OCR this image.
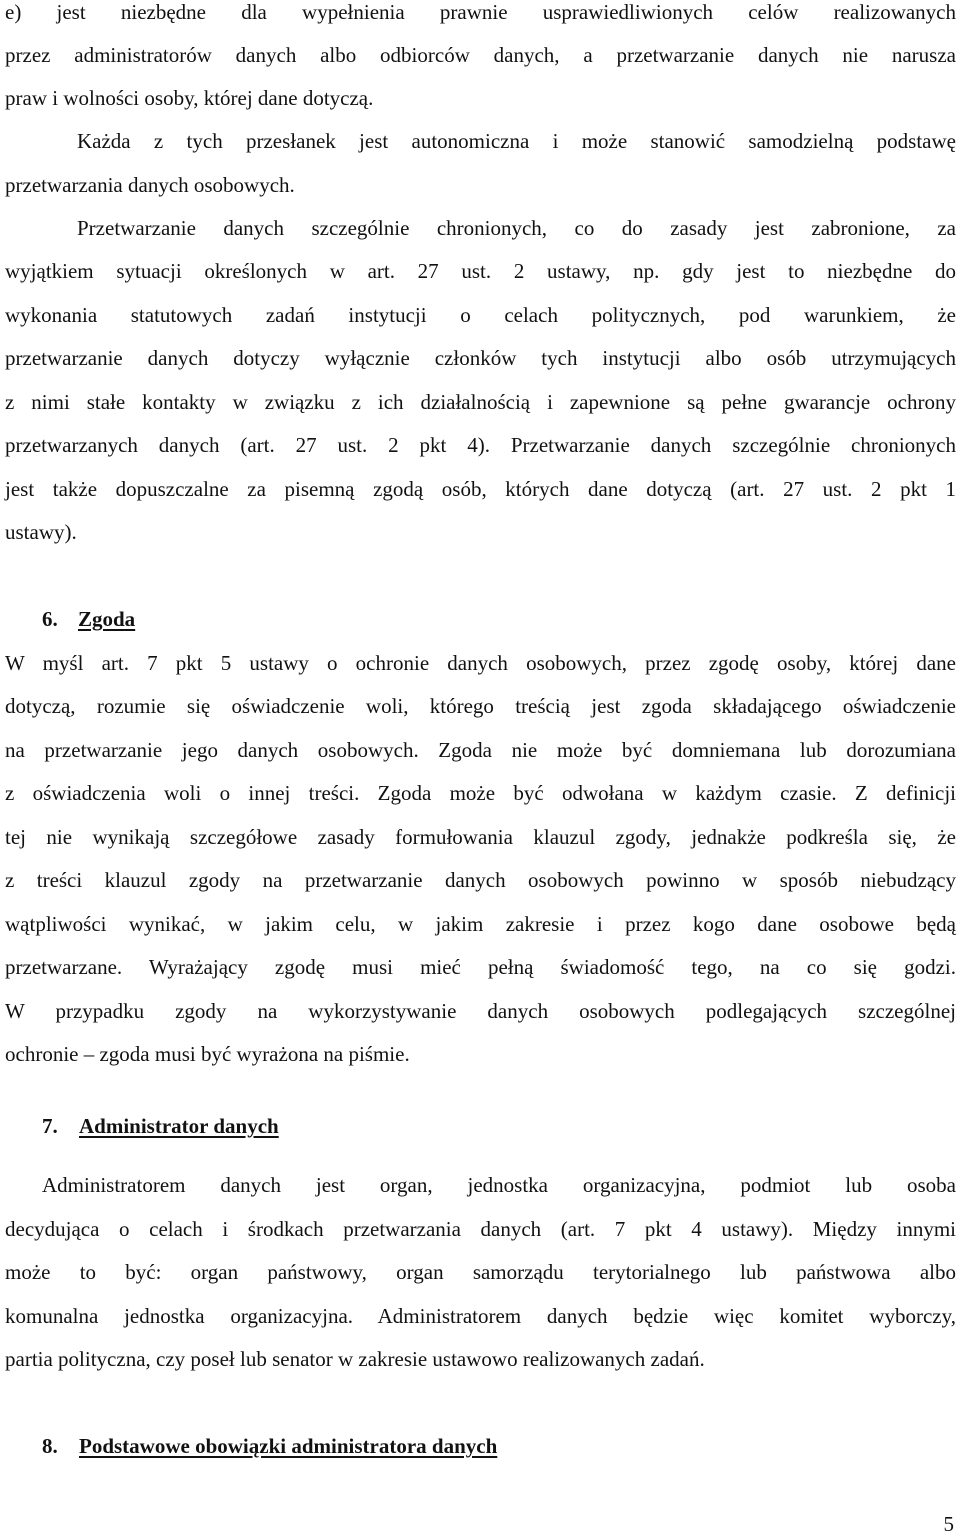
e) jest niezbędne dla wypełnienia prawnie usprawiedliwionych celów realizowanych
przez administratorów danych albo odbiorców danych, a przetwarzanie danych nie narusza
praw i wolności osoby, której dane dotyczą.
Każda z tych przesłanek jest autonomiczna i może stanowić samodzielną podstawę
przetwarzania danych osobowych.
Przetwarzanie danych szczególnie chronionych, co do zasady jest zabronione, za
wyjątkiem sytuacji określonych w art. 27 ust. 2 ustawy, np. gdy jest to niezbędne do
wykonania statutowych zadań instytucji o celach politycznych, pod warunkiem, że
przetwarzanie danych dotyczy wyłącznie członków tych instytucji albo osób utrzymujących
z nimi stałe kontakty w związku z ich działalnością i zapewnione są pełne gwarancje ochrony
przetwarzanych danych (art. 27 ust. 2 pkt 4). Przetwarzanie danych szczególnie chronionych
jest także dopuszczalne za pisemną zgodą osób, których dane dotyczą (art. 27 ust. 2 pkt 1
ustawy).
6. Zgoda
W myśl art. 7 pkt 5 ustawy o ochronie danych osobowych, przez zgodę osoby, której dane
dotyczą, rozumie się oświadczenie woli, którego treścią jest zgoda składającego oświadczenie
na przetwarzanie jego danych osobowych. Zgoda nie może być domniemana lub dorozumiana
z oświadczenia woli o innej treści. Zgoda może być odwołana w każdym czasie. Z definicji
tej nie wynikają szczegółowe zasady formułowania klauzul zgody, jednakże podkreśla się, że
z treści klauzul zgody na przetwarzanie danych osobowych powinno w sposób niebudzący
wątpliwości wynikać, w jakim celu, w jakim zakresie i przez kogo dane osobowe będą
przetwarzane. Wyrażający zgodę musi mieć pełną świadomość tego, na co się godzi.
W przypadku zgody na wykorzystywanie danych osobowych podlegających szczególnej
ochronie – zgoda musi być wyrażona na piśmie.
7. Administrator danych
Administratorem danych jest organ, jednostka organizacyjna, podmiot lub osoba
decydująca o celach i środkach przetwarzania danych (art. 7 pkt 4 ustawy). Między innymi
może to być: organ państwowy, organ samorządu terytorialnego lub państwowa albo
komunalna jednostka organizacyjna. Administratorem danych będzie więc komitet wyborczy,
partia polityczna, czy poseł lub senator w zakresie ustawowo realizowanych zadań.
8. Podstawowe obowiązki administratora danych
5
